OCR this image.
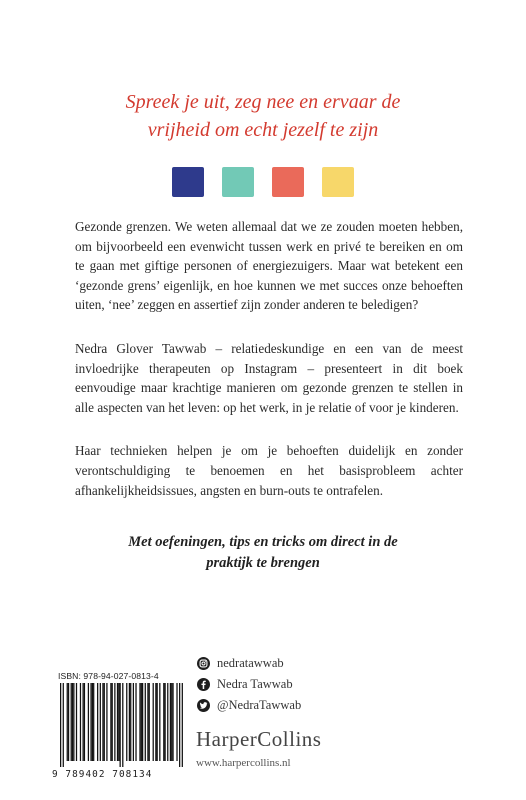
Spreek je uit, zeg nee en ervaar de
vrijheid om echt jezelf te zijn

Gezonde grenzen. We weten allemaal dat we ze zouden moeten hebben, om bijvoorbeeld een evenwicht tussen werk en privé te bereiken en om te gaan met giftige personen of energiezuigers. Maar wat betekent een ‘gezonde grens’ eigenlijk, en hoe kunnen we met succes onze behoeften uiten, ‘nee’ zeggen en assertief zijn zonder anderen te beledigen?

Nedra Glover Tawwab – relatiedeskundige en een van de meest invloedrijke therapeuten op Instagram – presenteert in dit boek eenvoudige maar krachtige manieren om gezonde grenzen te stellen in alle aspecten van het leven: op het werk, in je relatie of voor je kinderen.

Haar technieken helpen je om je behoeften duidelijk en zonder verontschuldiging te benoemen en het basisprobleem achter afhankelijkheidsissues, angsten en burn-outs te ontrafelen.

Met oefeningen, tips en tricks om direct in de
praktijk te brengen
nedratawwab
Nedra Tawwab
@NedraTawwab
HarperCollins
www.harpercollins.nl
ISBN: 978-94-027-0813-4
9 789402 708134
